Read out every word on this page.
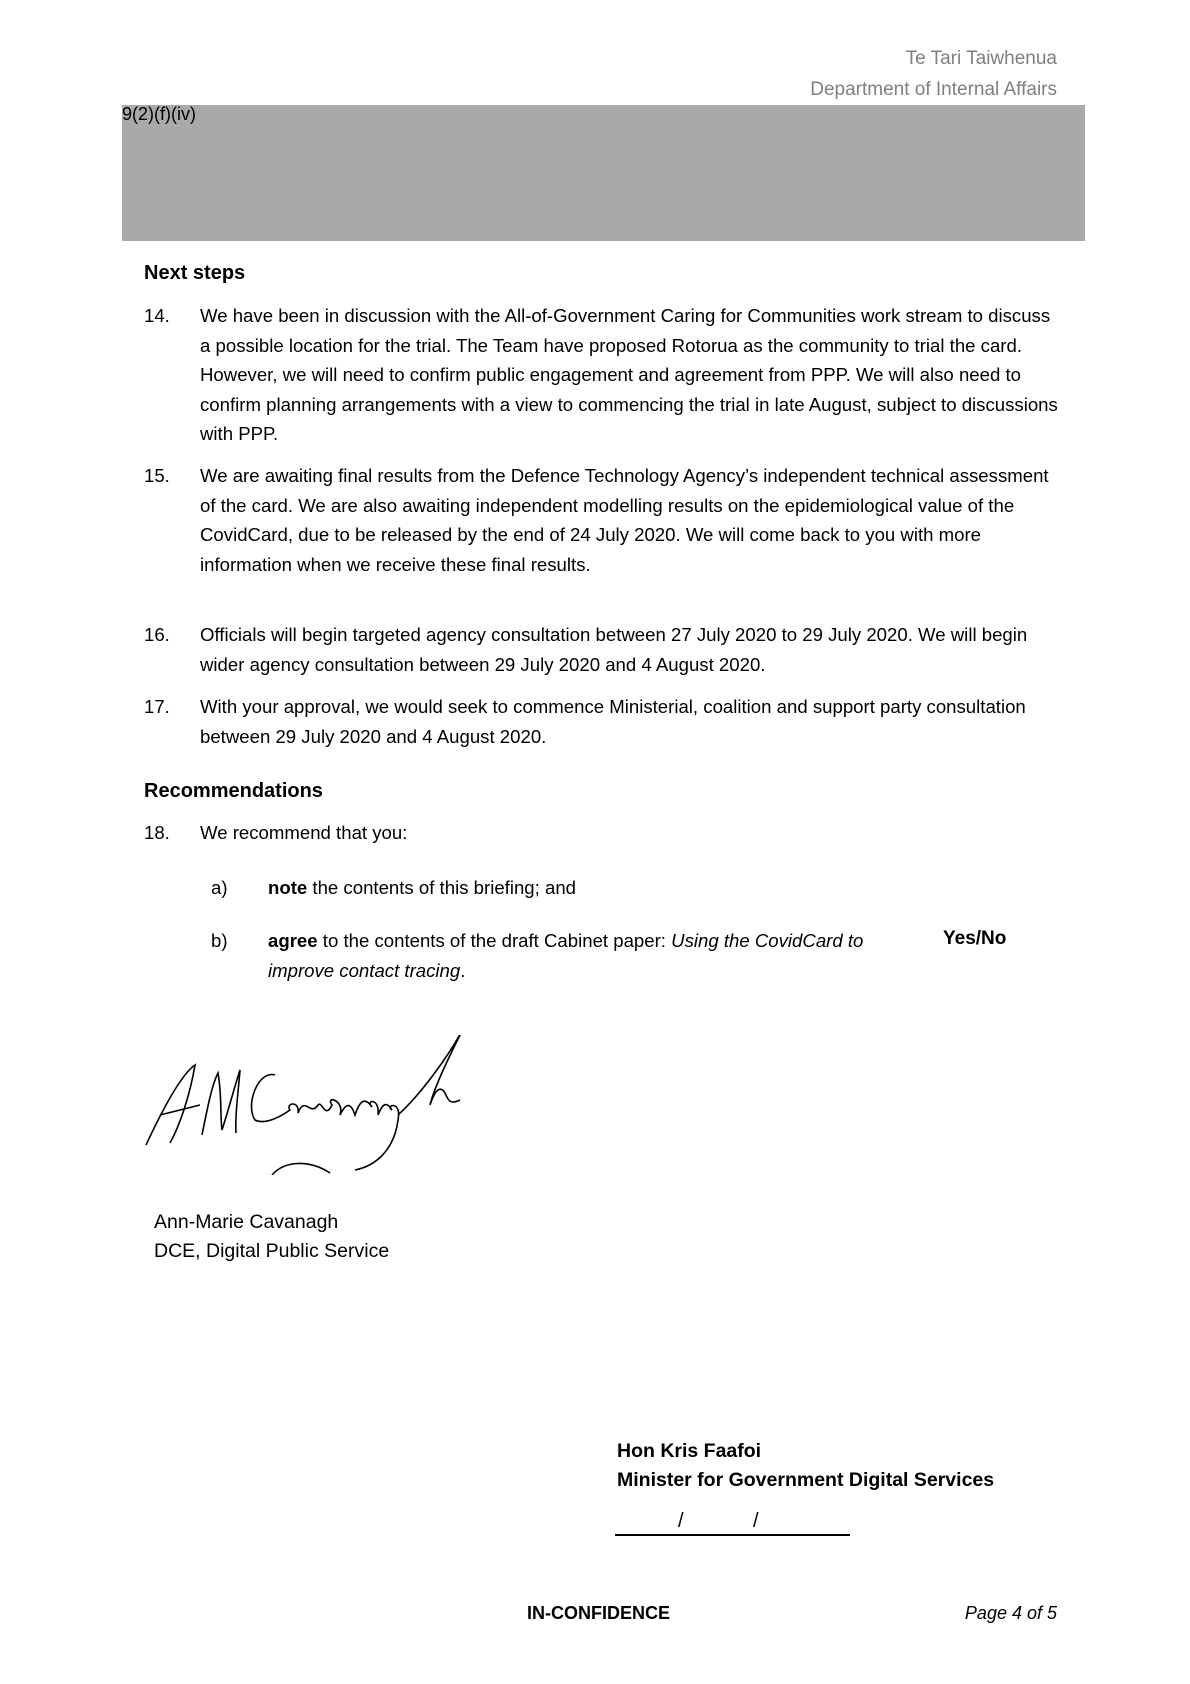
Te Tari Taiwhenua
Department of Internal Affairs
9(2)(f)(iv)
Next steps
14. We have been in discussion with the All-of-Government Caring for Communities work stream to discuss a possible location for the trial. The Team have proposed Rotorua as the community to trial the card. However, we will need to confirm public engagement and agreement from PPP. We will also need to confirm planning arrangements with a view to commencing the trial in late August, subject to discussions with PPP.
15. We are awaiting final results from the Defence Technology Agency’s independent technical assessment of the card. We are also awaiting independent modelling results on the epidemiological value of the CovidCard, due to be released by the end of 24 July 2020. We will come back to you with more information when we receive these final results.
16. Officials will begin targeted agency consultation between 27 July 2020 to 29 July 2020. We will begin wider agency consultation between 29 July 2020 and 4 August 2020.
17. With your approval, we would seek to commence Ministerial, coalition and support party consultation between 29 July 2020 and 4 August 2020.
Recommendations
18. We recommend that you:
a) note the contents of this briefing; and
b) agree to the contents of the draft Cabinet paper: Using the CovidCard to improve contact tracing.
Yes/No
Ann-Marie Cavanagh
DCE, Digital Public Service
Hon Kris Faafoi
Minister for Government Digital Services
/	/
IN-CONFIDENCE	Page 4 of 5
